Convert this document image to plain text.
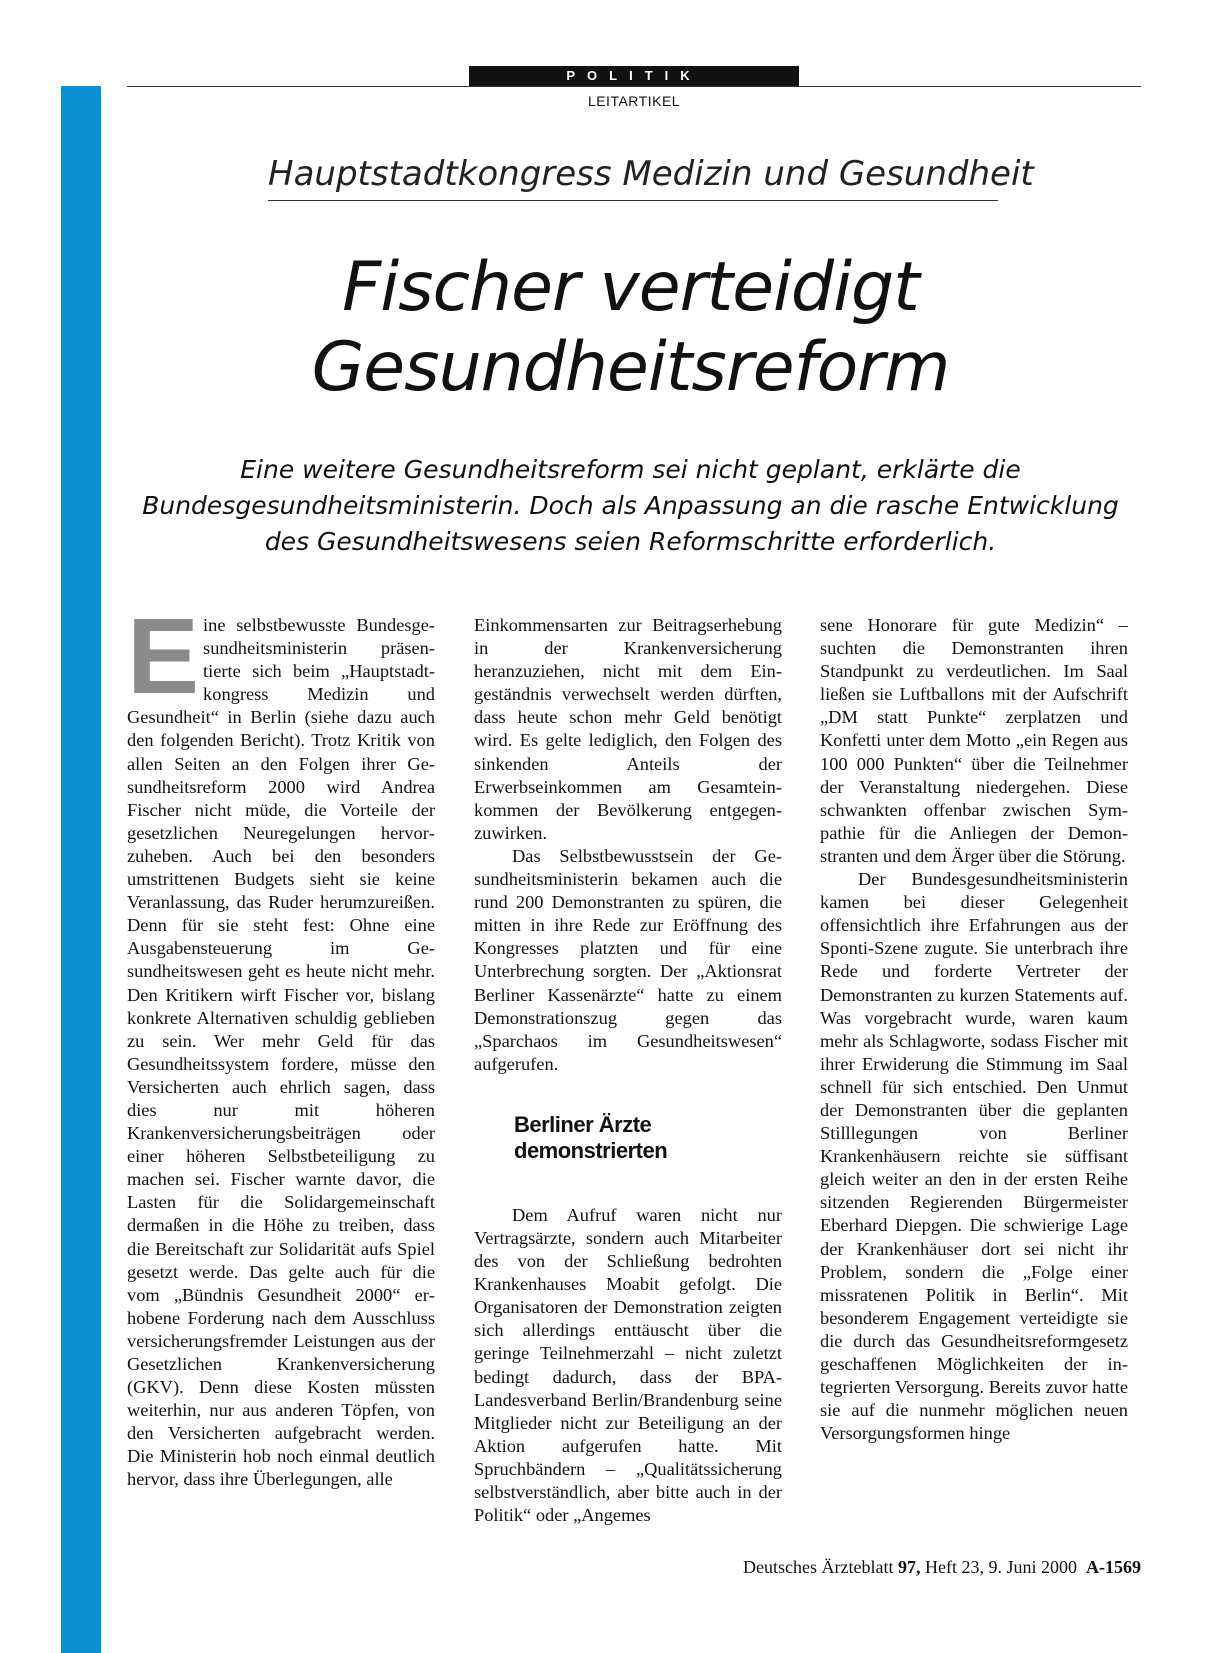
POLITIK
LEITARTIKEL
Hauptstadtkongress Medizin und Gesundheit
Fischer verteidigt
Gesundheitsreform
Eine weitere Gesundheitsreform sei nicht geplant, erklärte die
Bundesgesundheitsministerin. Doch als Anpassung an die rasche Entwicklung
des Gesundheitswesens seien Reformschritte erforderlich.

Eine selbstbewusste Bundesgesundheitsministerin präsentierte sich beim „Hauptstadtkongress Medizin und Gesundheit“ in Berlin (siehe dazu auch den folgenden Bericht). Trotz Kritik von allen Seiten an den Folgen ihrer Gesundheitsreform 2000 wird Andrea Fischer nicht müde, die Vorteile der gesetzlichen Neuregelungen hervorzuheben. Auch bei den besonders umstrittenen Budgets sieht sie keine Veranlassung, das Ruder herumzureißen. Denn für sie steht fest: Ohne eine Ausgabensteuerung im Gesundheitswesen geht es heute nicht mehr. Den Kritikern wirft Fischer vor, bislang konkrete Alternativen schuldig geblieben zu sein. Wer mehr Geld für das Gesundheitssystem fordere, müsse den Versicherten auch ehrlich sagen, dass dies nur mit höheren Krankenversicherungsbeiträgen oder einer höheren Selbstbeteiligung zu machen sei. Fischer warnte davor, die Lasten für die Solidargemeinschaft dermaßen in die Höhe zu treiben, dass die Bereitschaft zur Solidarität aufs Spiel gesetzt werde. Das gelte auch für die vom „Bündnis Gesundheit 2000“ erhobene Forderung nach dem Ausschluss versicherungsfremder Leistungen aus der Gesetzlichen Krankenversicherung (GKV). Denn diese Kosten müssten weiterhin, nur aus anderen Töpfen, von den Versicherten aufgebracht werden. Die Ministerin hob noch einmal deutlich hervor, dass ihre Überlegungen, alle

Einkommensarten zur Beitragserhebung in der Krankenversicherung heranzuziehen, nicht mit dem Eingeständnis verwechselt werden dürften, dass heute schon mehr Geld benötigt wird. Es gelte lediglich, den Folgen des sinkenden Anteils der Erwerbseinkommen am Gesamteinkommen der Bevölkerung entgegenzuwirken.

Das Selbstbewusstsein der Gesundheitsministerin bekamen auch die rund 200 Demonstranten zu spüren, die mitten in ihre Rede zur Eröffnung des Kongresses platzten und für eine Unterbrechung sorgten. Der „Aktionsrat Berliner Kassenärzte“ hatte zu einem Demonstrationszug gegen das „Sparchaos im Gesundheitswesen“ aufgerufen.

Berliner Ärzte demonstrierten

Dem Aufruf waren nicht nur Vertragsärzte, sondern auch Mitarbeiter des von der Schließung bedrohten Krankenhauses Moabit gefolgt. Die Organisatoren der Demonstration zeigten sich allerdings enttäuscht über die geringe Teilnehmerzahl – nicht zuletzt bedingt dadurch, dass der BPA-Landesverband Berlin/Brandenburg seine Mitglieder nicht zur Beteiligung an der Aktion aufgerufen hatte. Mit Spruchbändern – „Qualitätssicherung selbstverständlich, aber bitte auch in der Politik“ oder „Angemes

sene Honorare für gute Medizin“ – suchten die Demonstranten ihren Standpunkt zu verdeutlichen. Im Saal ließen sie Luftballons mit der Aufschrift „DM statt Punkte“ zerplatzen und Konfetti unter dem Motto „ein Regen aus 100 000 Punkten“ über die Teilnehmer der Veranstaltung niedergehen. Diese schwankten offenbar zwischen Sympathie für die Anliegen der Demonstranten und dem Ärger über die Störung.

Der Bundesgesundheitsministerin kamen bei dieser Gelegenheit offensichtlich ihre Erfahrungen aus der Sponti-Szene zugute. Sie unterbrach ihre Rede und forderte Vertreter der Demonstranten zu kurzen Statements auf. Was vorgebracht wurde, waren kaum mehr als Schlagworte, sodass Fischer mit ihrer Erwiderung die Stimmung im Saal schnell für sich entschied. Den Unmut der Demonstranten über die geplanten Stilllegungen von Berliner Krankenhäusern reichte sie süffisant gleich weiter an den in der ersten Reihe sitzenden Regierenden Bürgermeister Eberhard Diepgen. Die schwierige Lage der Krankenhäuser dort sei nicht ihr Problem, sondern die „Folge einer missratenen Politik in Berlin“. Mit besonderem Engagement verteidigte sie die durch das Gesundheitsreformgesetz geschaffenen Möglichkeiten der integrierten Versorgung. Bereits zuvor hatte sie auf die nunmehr möglichen neuen Versorgungsformen hinge

Deutsches Ärzteblatt 97, Heft 23, 9. Juni 2000 A-1569
